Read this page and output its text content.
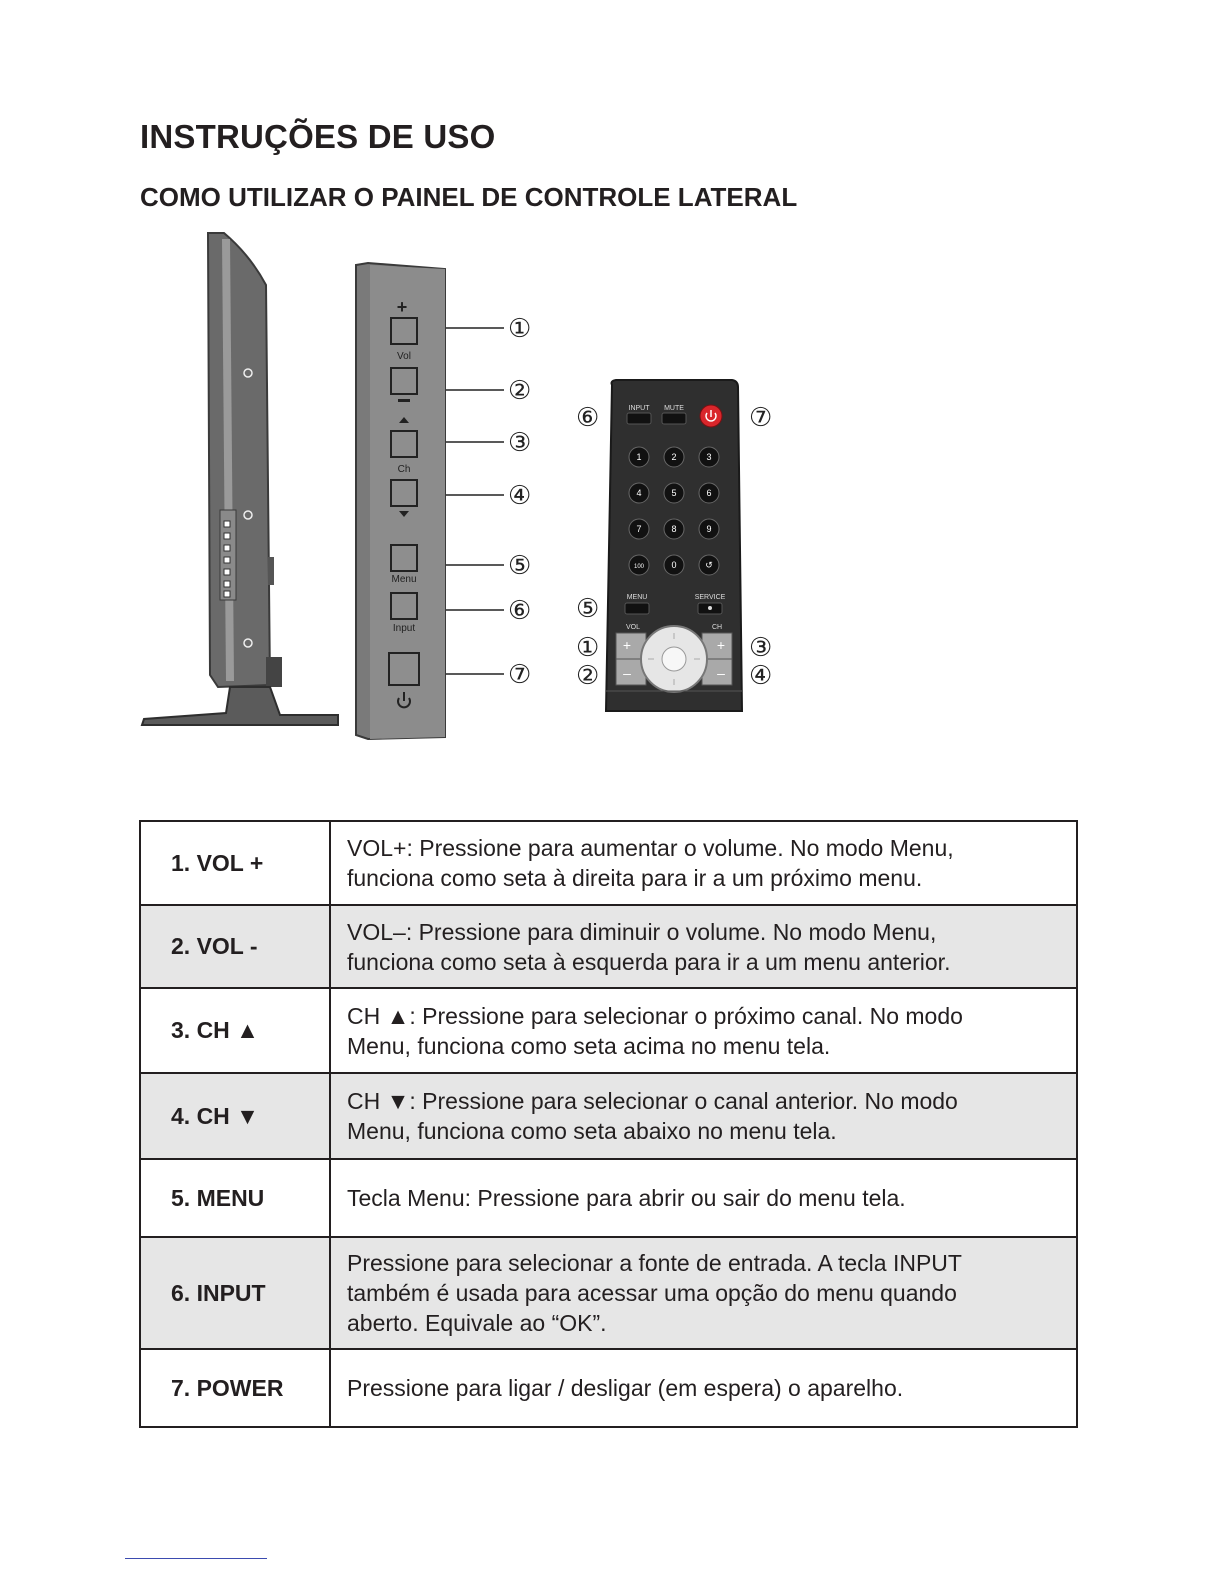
INSTRUÇÕES DE USO
COMO UTILIZAR O PAINEL DE CONTROLE LATERAL
+
Vol
Ch
Menu
Input
①
②
③
④
⑤
⑥
⑦
INPUT MUTE
1	2	3
4	5	6
7	8	9
100	0	↺
MENU	SERVICE
VOL	CH
+
–
+
–
⑥	⑦
⑤
①
②
③
④
1. VOL +	VOL+: Pressione para aumentar o volume. No modo Menu,
funciona como seta à direita para ir a um próximo menu.

2. VOL -	VOL–: Pressione para diminuir o volume. No modo Menu,
funciona como seta à esquerda para ir a um menu anterior.

3. CH ▲	CH ▲: Pressione para selecionar o próximo canal. No modo
Menu, funciona como seta acima no menu tela.

4. CH ▼	CH ▼: Pressione para selecionar o canal anterior. No modo
Menu, funciona como seta abaixo no menu tela.

5. MENU	Tecla Menu: Pressione para abrir ou sair do menu tela.

6. INPUT	Pressione para selecionar a fonte de entrada. A tecla INPUT
também é usada para acessar uma opção do menu quando
aberto. Equivale ao “OK”.

7. POWER	Pressione para ligar / desligar (em espera) o aparelho.
